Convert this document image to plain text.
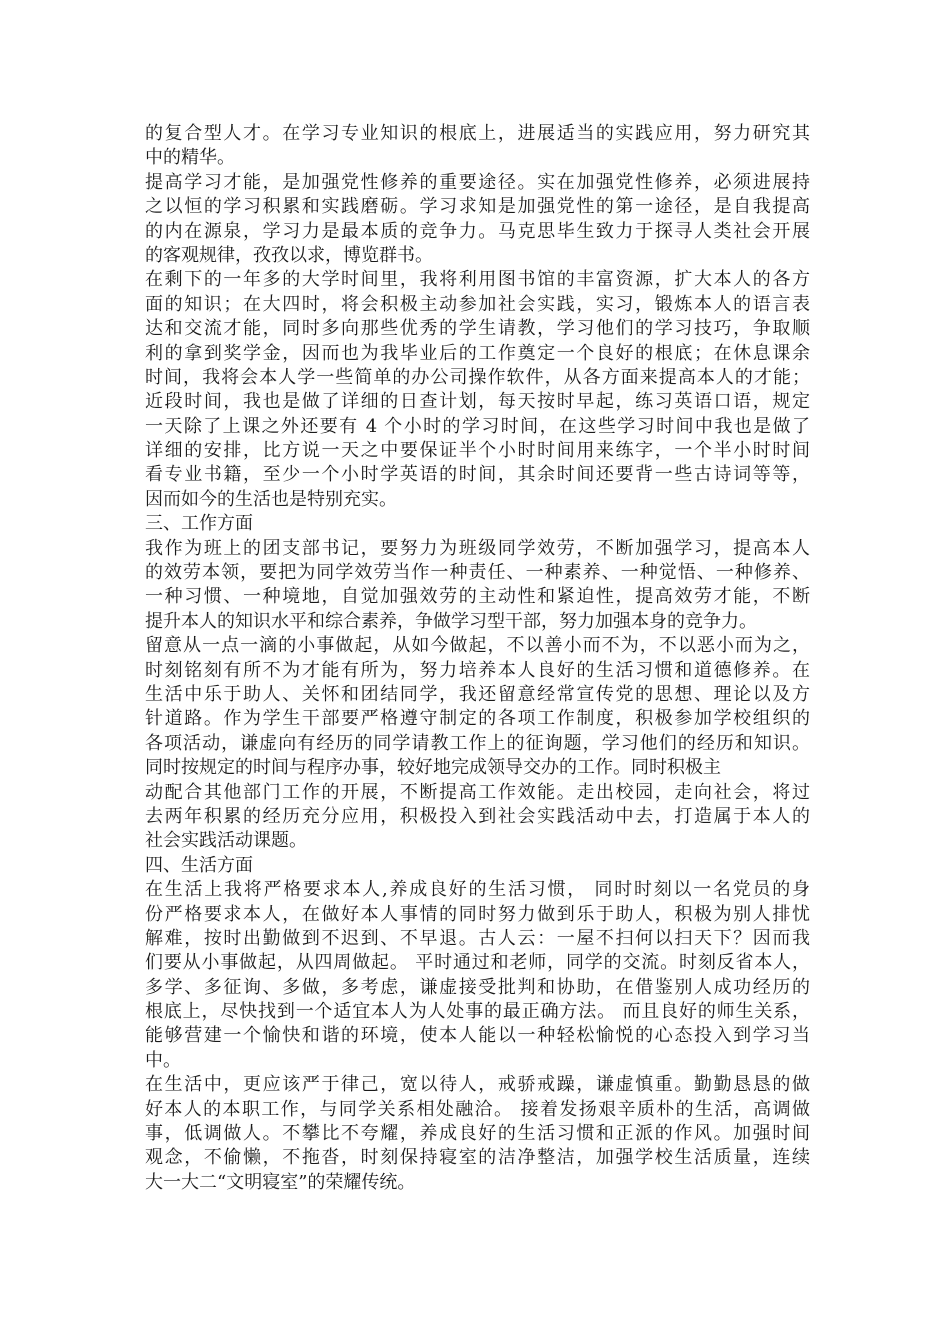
的复合型人才。在学习专业知识的根底上，进展适当的实践应用，努力研究其
中的精华。
提高学习才能，是加强党性修养的重要途径。实在加强党性修养，必须进展持
之以恒的学习积累和实践磨砺。学习求知是加强党性的第一途径，是自我提高
的内在源泉，学习力是最本质的竞争力。马克思毕生致力于探寻人类社会开展
的客观规律，孜孜以求，博览群书。
在剩下的一年多的大学时间里，我将利用图书馆的丰富资源，扩大本人的各方
面的知识；在大四时，将会积极主动参加社会实践，实习，锻炼本人的语言表
达和交流才能，同时多向那些优秀的学生请教，学习他们的学习技巧，争取顺
利的拿到奖学金，因而也为我毕业后的工作奠定一个良好的根底；在休息课余
时间，我将会本人学一些简单的办公司操作软件，从各方面来提高本人的才能；
近段时间，我也是做了详细的日查计划，每天按时早起，练习英语口语，规定
一天除了上课之外还要有 4 个小时的学习时间，在这些学习时间中我也是做了
详细的安排，比方说一天之中要保证半个小时时间用来练字，一个半小时时间
看专业书籍，至少一个小时学英语的时间，其余时间还要背一些古诗词等等，
因而如今的生活也是特别充实。
三、工作方面
我作为班上的团支部书记，要努力为班级同学效劳，不断加强学习，提高本人
的效劳本领，要把为同学效劳当作一种责任、一种素养、一种觉悟、一种修养、
一种习惯、一种境地，自觉加强效劳的主动性和紧迫性，提高效劳才能，不断
提升本人的知识水平和综合素养，争做学习型干部，努力加强本身的竞争力。
留意从一点一滴的小事做起，从如今做起，不以善小而不为，不以恶小而为之，
时刻铭刻有所不为才能有所为，努力培养本人良好的生活习惯和道德修养。在
生活中乐于助人、关怀和团结同学，我还留意经常宣传党的思想、理论以及方
针道路。作为学生干部要严格遵守制定的各项工作制度，积极参加学校组织的
各项活动，谦虚向有经历的同学请教工作上的征询题，学习他们的经历和知识。
同时按规定的时间与程序办事，较好地完成领导交办的工作。同时积极主
动配合其他部门工作的开展，不断提高工作效能。走出校园，走向社会，将过
去两年积累的经历充分应用，积极投入到社会实践活动中去，打造属于本人的
社会实践活动课题。
四、生活方面
在生活上我将严格要求本人,养成良好的生活习惯， 同时时刻以一名党员的身
份严格要求本人，在做好本人事情的同时努力做到乐于助人，积极为别人排忧
解难，按时出勤做到不迟到、不早退。古人云：一屋不扫何以扫天下？因而我
们要从小事做起，从四周做起。 平时通过和老师，同学的交流。时刻反省本人，
多学、多征询、多做，多考虑，谦虚接受批判和协助，在借鉴别人成功经历的
根底上，尽快找到一个适宜本人为人处事的最正确方法。 而且良好的师生关系，
能够营建一个愉快和谐的环境，使本人能以一种轻松愉悦的心态投入到学习当
中。
在生活中，更应该严于律己，宽以待人，戒骄戒躁，谦虚慎重。勤勤恳恳的做
好本人的本职工作，与同学关系相处融洽。 接着发扬艰辛质朴的生活，高调做
事，低调做人。不攀比不夸耀，养成良好的生活习惯和正派的作风。加强时间
观念，不偷懒，不拖沓，时刻保持寝室的洁净整洁，加强学校生活质量，连续
大一大二“文明寝室”的荣耀传统。
